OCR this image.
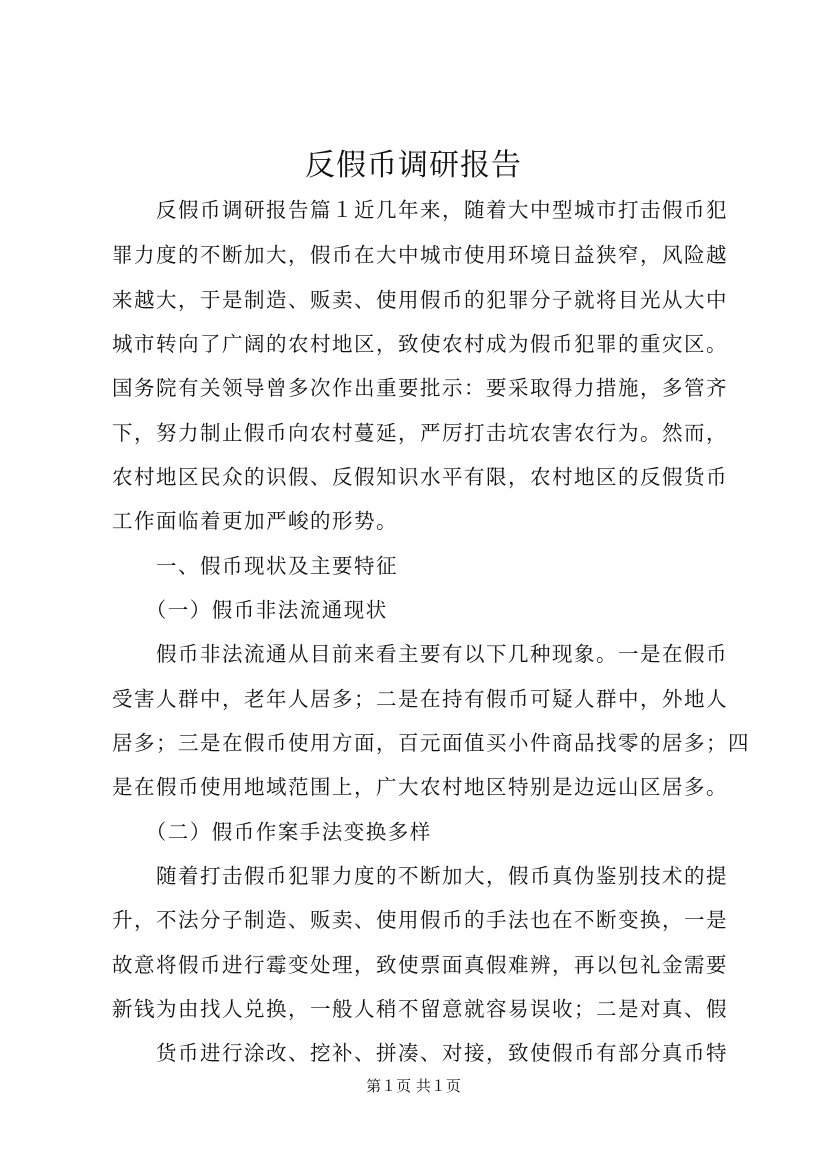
反假币调研报告
　　反假币调研报告篇１近几年来，随着大中型城市打击假币犯
罪力度的不断加大，假币在大中城市使用环境日益狭窄，风险越
来越大，于是制造、贩卖、使用假币的犯罪分子就将目光从大中
城市转向了广阔的农村地区，致使农村成为假币犯罪的重灾区。
国务院有关领导曾多次作出重要批示：要采取得力措施，多管齐
下，努力制止假币向农村蔓延，严厉打击坑农害农行为。然而，
农村地区民众的识假、反假知识水平有限，农村地区的反假货币
工作面临着更加严峻的形势。
　　一、假币现状及主要特征
　　（一）假币非法流通现状
　　假币非法流通从目前来看主要有以下几种现象。一是在假币
受害人群中，老年人居多；二是在持有假币可疑人群中，外地人
居多；三是在假币使用方面，百元面值买小件商品找零的居多；四
是在假币使用地域范围上，广大农村地区特别是边远山区居多。
　　（二）假币作案手法变换多样
　　随着打击假币犯罪力度的不断加大，假币真伪鉴别技术的提
升，不法分子制造、贩卖、使用假币的手法也在不断变换，一是
故意将假币进行霉变处理，致使票面真假难辨，再以包礼金需要
新钱为由找人兑换，一般人稍不留意就容易误收；二是对真、假
　　货币进行涂改、挖补、拼凑、对接，致使假币有部分真币特
第１页 共１页
